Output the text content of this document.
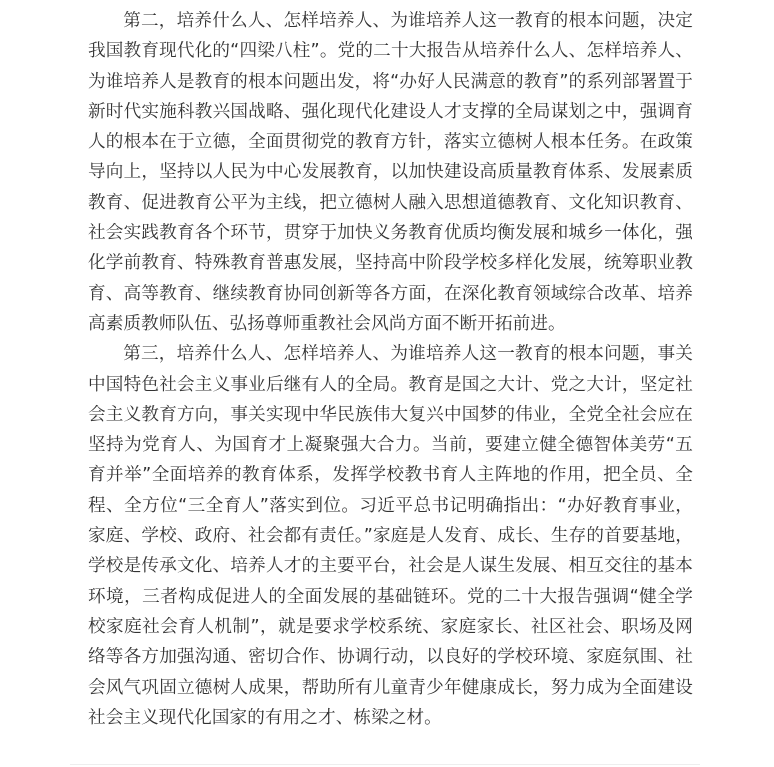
第二，培养什么人、怎样培养人、为谁培养人这一教育的根本问题，决定我国教育现代化的“四梁八柱”。党的二十大报告从培养什么人、怎样培养人、为谁培养人是教育的根本问题出发，将“办好人民满意的教育”的系列部署置于新时代实施科教兴国战略、强化现代化建设人才支撑的全局谋划之中，强调育人的根本在于立德，全面贯彻党的教育方针，落实立德树人根本任务。在政策导向上，坚持以人民为中心发展教育，以加快建设高质量教育体系、发展素质教育、促进教育公平为主线，把立德树人融入思想道德教育、文化知识教育、社会实践教育各个环节，贯穿于加快义务教育优质均衡发展和城乡一体化，强化学前教育、特殊教育普惠发展，坚持高中阶段学校多样化发展，统筹职业教育、高等教育、继续教育协同创新等各方面，在深化教育领域综合改革、培养高素质教师队伍、弘扬尊师重教社会风尚方面不断开拓前进。

第三，培养什么人、怎样培养人、为谁培养人这一教育的根本问题，事关中国特色社会主义事业后继有人的全局。教育是国之大计、党之大计，坚定社会主义教育方向，事关实现中华民族伟大复兴中国梦的伟业，全党全社会应在坚持为党育人、为国育才上凝聚强大合力。当前，要建立健全德智体美劳“五育并举”全面培养的教育体系，发挥学校教书育人主阵地的作用，把全员、全程、全方位“三全育人”落实到位。习近平总书记明确指出：“办好教育事业，家庭、学校、政府、社会都有责任。”家庭是人发育、成长、生存的首要基地，学校是传承文化、培养人才的主要平台，社会是人谋生发展、相互交往的基本环境，三者构成促进人的全面发展的基础链环。党的二十大报告强调“健全学校家庭社会育人机制”，就是要求学校系统、家庭家长、社区社会、职场及网络等各方加强沟通、密切合作、协调行动，以良好的学校环境、家庭氛围、社会风气巩固立德树人成果，帮助所有儿童青少年健康成长，努力成为全面建设社会主义现代化国家的有用之才、栋梁之材。
